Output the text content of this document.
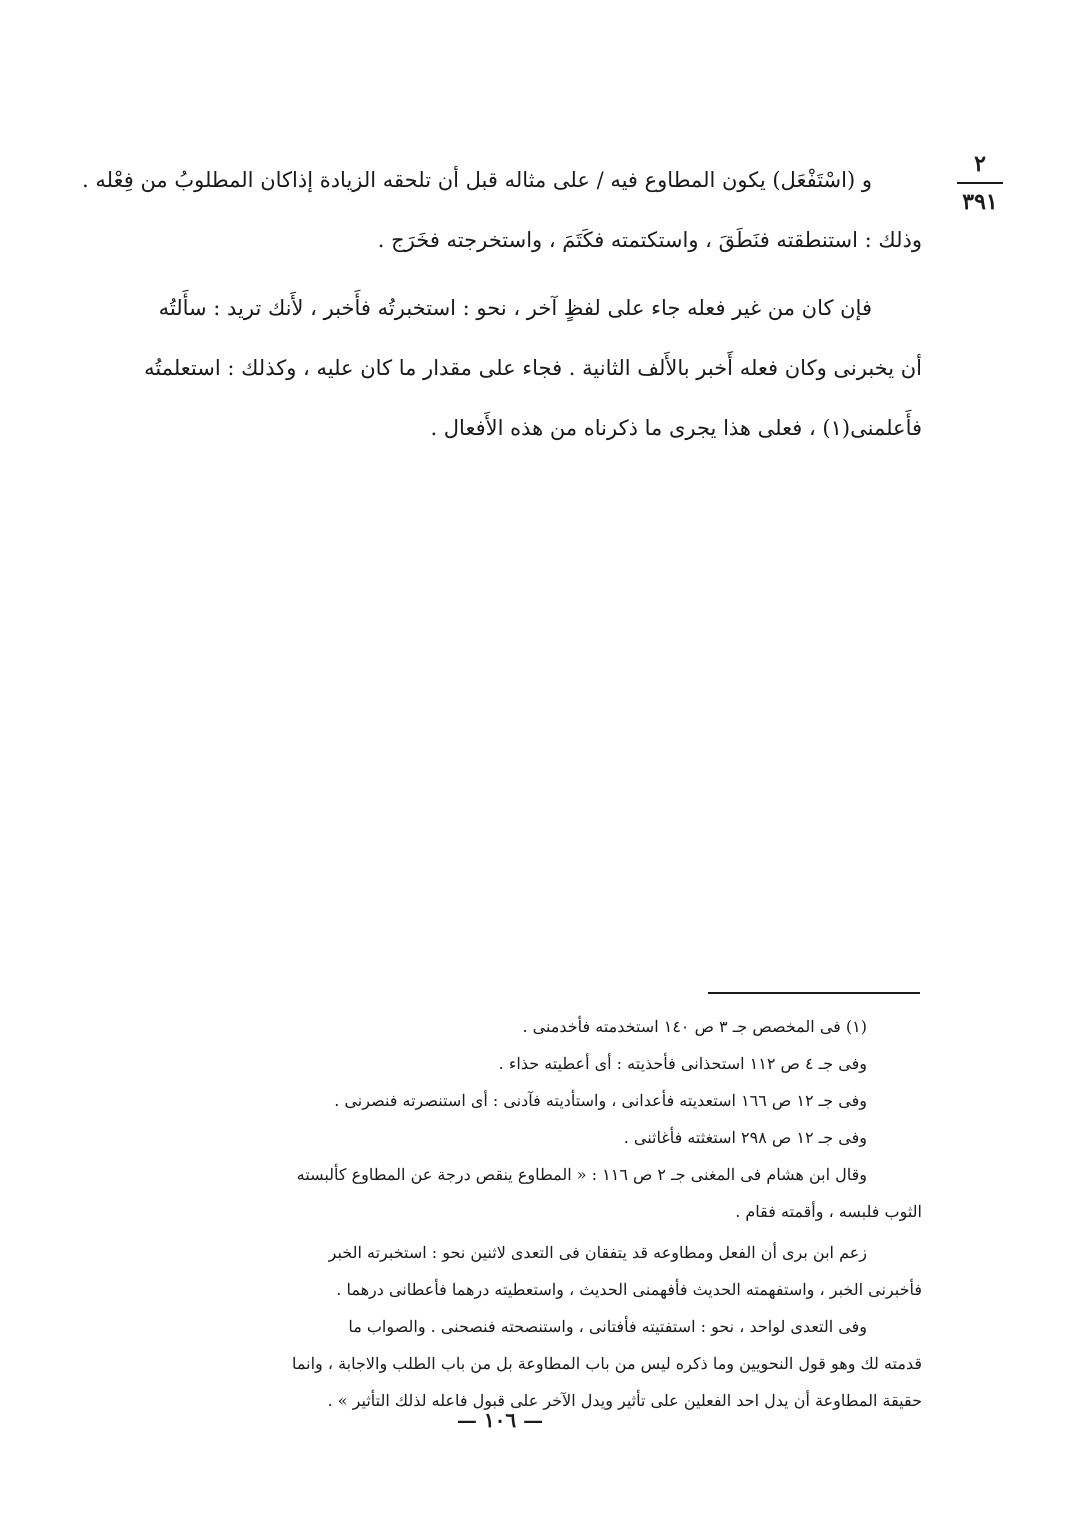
٢
٣٩١
و (اسْتَفْعَل) يكون المطاوع فيه / على مثاله قبل أن تلحقه الزيادة إذاكان المطلوبُ من فِعْله .
وذلك : استنطقته فنَطَقَ ، واستكتمته فكَتَمَ ، واستخرجته فخَرَج .
فإن كان من غير فعله جاء على لفظٍ آخر ، نحو : استخبرتُه فأَخبر ، لأَنك تريد : سأَلتُه
أن يخبرنى وكان فعله أَخبر بالأَلف الثانية . فجاء على مقدار ما كان عليه ، وكذلك : استعلمتُه
فأَعلمنى(١) ، فعلى هذا يجرى ما ذكرناه من هذه الأَفعال .
(١) فى المخصص جـ ٣ ص ١٤٠ استخدمته فأخدمنى .
وفى جـ ٤ ص ١١٢ استحذانى فأحذيته : أى أعطيته حذاء .
وفى جـ ١٢ ص ١٦٦ استعديته فأعدانى ، واستأديته فآدنى : أى استنصرته فنصرنى .
وفى جـ ١٢ ص ٢٩٨ استغثته فأغاثنى .
وقال ابن هشام فى المغنى جـ ٢ ص ١١٦ : « المطاوع ينقص درجة عن المطاوع كألبسته
الثوب فلبسه ، وأقمته فقام .
زعم ابن برى أن الفعل ومطاوعه قد يتفقان فى التعدى لاثنين نحو : استخبرته الخبر
فأخبرنى الخبر ، واستفهمته الحديث فأفهمنى الحديث ، واستعطيته درهما فأعطانى درهما .
وفى التعدى لواحد ، نحو : استفتيته فأفتانى ، واستنصحته فنصحنى . والصواب ما
قدمته لك وهو قول النحويين وما ذكره ليس من باب المطاوعة بل من باب الطلب والاجابة ، وانما
حقيقة المطاوعة أن يدل احد الفعلين على تأثير ويدل الآخر على قبول فاعله لذلك التأثير » .
— ١٠٦ —
